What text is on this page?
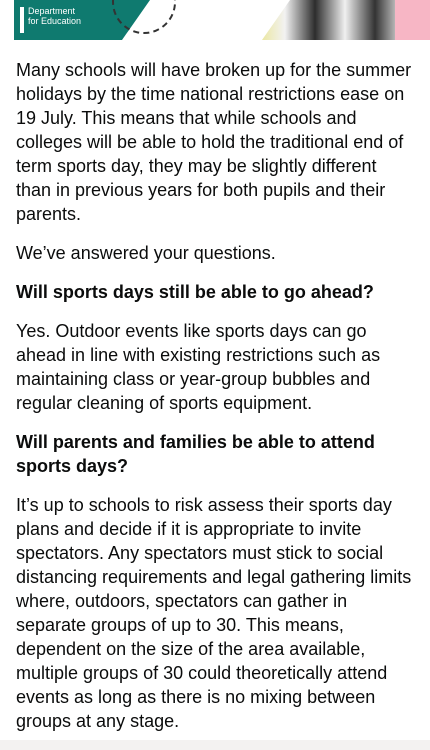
Department
for Education

Many schools will have broken up for the summer holidays by the time national restrictions ease on 19 July. This means that while schools and colleges will be able to hold the traditional end of term sports day, they may be slightly different than in previous years for both pupils and their parents.

We’ve answered your questions.

Will sports days still be able to go ahead?

Yes. Outdoor events like sports days can go ahead in line with existing restrictions such as maintaining class or year-group bubbles and regular cleaning of sports equipment.

Will parents and families be able to attend sports days?

It’s up to schools to risk assess their sports day plans and decide if it is appropriate to invite spectators. Any spectators must stick to social distancing requirements and legal gathering limits where, outdoors, spectators can gather in separate groups of up to 30. This means, dependent on the size of the area available, multiple groups of 30 could theoretically attend events as long as there is no mixing between groups at any stage.
